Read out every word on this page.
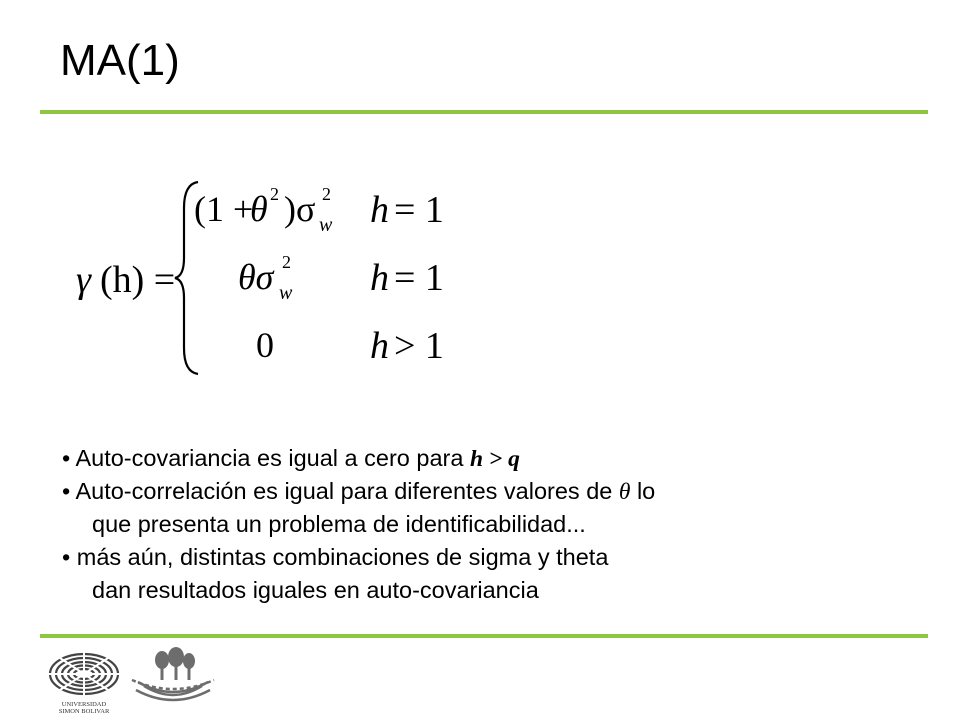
MA(1)
γ (h) =
(1 +
θ 2 )σ 2
w h = 1
θσ 2
w h = 1
0	h > 1
• Auto-covariancia es igual a cero para h > q
• Auto-correlación es igual para diferentes valores de θ lo
que presenta un problema de identificabilidad...
• más aún, distintas combinaciones de sigma y theta
dan resultados iguales en auto-covariancia
UNIVERSIDAD
SIMON BOLIVAR
